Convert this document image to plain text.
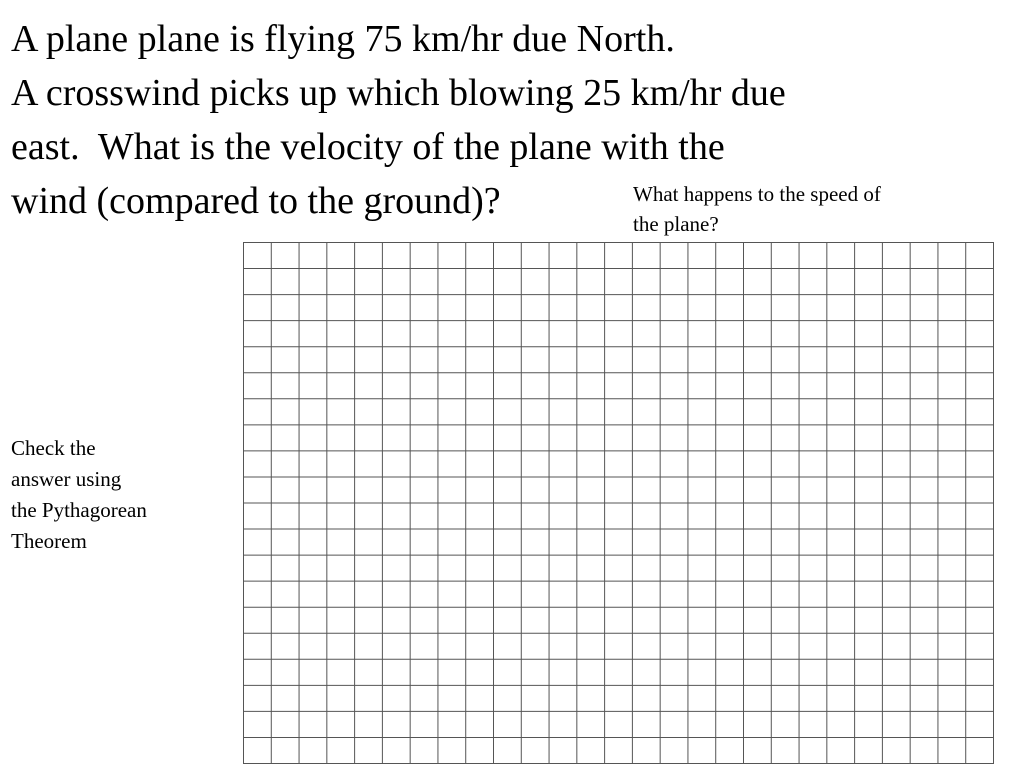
A plane plane is flying 75 km/hr due North.
A crosswind picks up which blowing 25 km/hr due
east.  What is the velocity of the plane with the
wind (compared to the ground)?	What happens to the speed of
the plane?
Check the
answer using
the Pythagorean
Theorem
